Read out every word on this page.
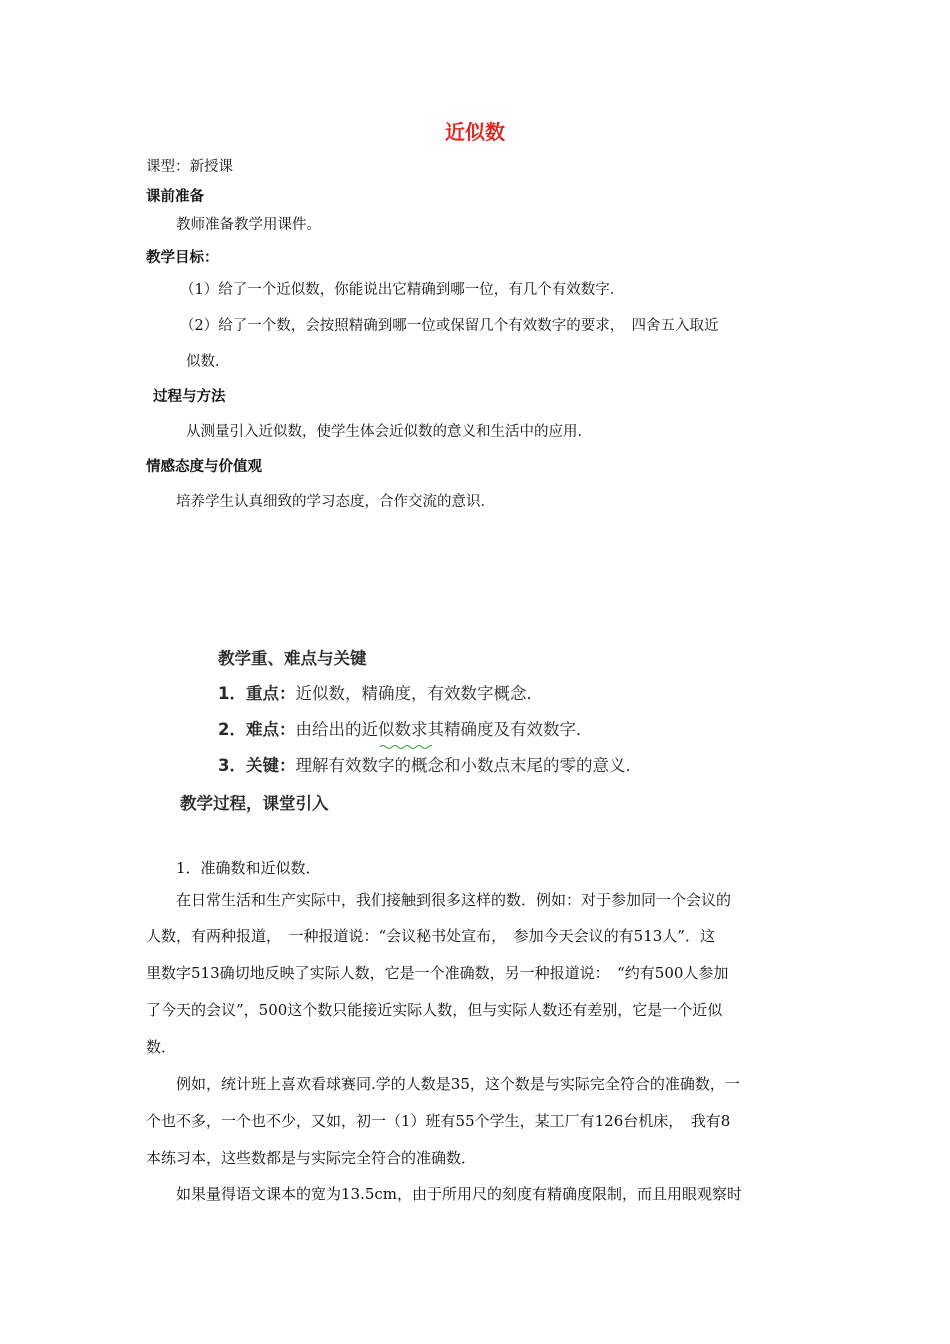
近似数
课型：新授课
课前准备
教师准备教学用课件。
教学目标：
（1）给了一个近似数，你能说出它精确到哪一位，有几个有效数字．
（2）给了一个数，会按照精确到哪一位或保留几个有效数字的要求，　四舍五入取近
似数．
过程与方法
从测量引入近似数，使学生体会近似数的意义和生活中的应用．
情感态度与价值观
培养学生认真细致的学习态度，合作交流的意识．
教学重、难点与关键
1．重点：近似数，精确度，有效数字概念．
2．难点：由给出的近似数求其精确度及有效数字．
3．关键：理解有效数字的概念和小数点末尾的零的意义．
教学过程，课堂引入
1．准确数和近似数．
在日常生活和生产实际中，我们接触到很多这样的数．例如：对于参加同一个会议的
人数，有两种报道，　一种报道说：“会议秘书处宣布，　参加今天会议的有513人”．这
里数字513确切地反映了实际人数，它是一个准确数，另一种报道说：　“约有500人参加
了今天的会议”，500这个数只能接近实际人数，但与实际人数还有差别，它是一个近似
数．
例如，统计班上喜欢看球赛同.学的人数是35，这个数是与实际完全符合的准确数，一
个也不多，一个也不少，又如，初一（1）班有55个学生，某工厂有126台机床，　我有8
本练习本，这些数都是与实际完全符合的准确数．
如果量得语文课本的宽为13.5cm，由于所用尺的刻度有精确度限制，而且用眼观察时
